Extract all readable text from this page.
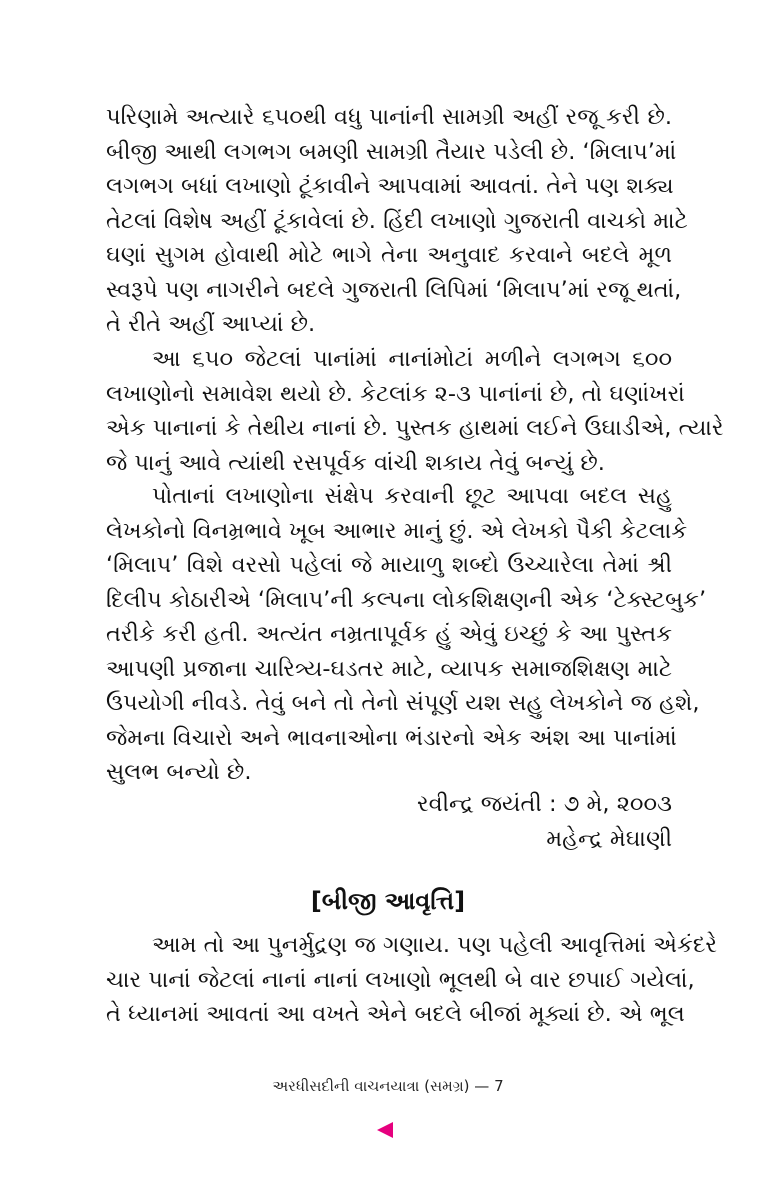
પરિણામે અત્યારે ૬૫૦થી વધુ પાનાંની સામગ્રી અહીં રજૂ કરી છે.
બીજી આથી લગભગ બમણી સામગ્રી તૈયાર પડેલી છે. ‘મિલાપ’માં
લગભગ બધાં લખાણો ટૂંકાવીને આપવામાં આવતાં. તેને પણ શક્ય
તેટલાં વિશેષ અહીં ટૂંકાવેલાં છે. હિંદી લખાણો ગુજરાતી વાચકો માટે
ઘણાં સુગમ હોવાથી મોટે ભાગે તેના અનુવાદ કરવાને બદલે મૂળ
સ્વરૂપે પણ નાગરીને બદલે ગુજરાતી લિપિમાં ‘મિલાપ’માં રજૂ થતાં,
તે રીતે અહીં આપ્યાં છે.
આ ૬૫૦ જેટલાં પાનાંમાં નાનાંમોટાં મળીને લગભગ ૬૦૦
લખાણોનો સમાવેશ થયો છે. કેટલાંક ૨-૩ પાનાંનાં છે, તો ઘણાંખરાં
એક પાનાનાં કે તેથીય નાનાં છે. પુસ્તક હાથમાં લઈને ઉઘાડીએ, ત્યારે
જે પાનું આવે ત્યાંથી રસપૂર્વક વાંચી શકાય તેવું બન્યું છે.
પોતાનાં લખાણોના સંક્ષેપ કરવાની છૂટ આપવા બદલ સહુ
લેખકોનો વિનમ્રભાવે ખૂબ આભાર માનું છું. એ લેખકો પૈકી કેટલાકે
‘મિલાપ’ વિશે વરસો પહેલાં જે માયાળુ શબ્દો ઉચ્ચારેલા તેમાં શ્રી
દિલીપ કોઠારીએ ‘મિલાપ’ની કલ્પના લોકશિક્ષણની એક ‘ટેક્સ્ટબુક’
તરીકે કરી હતી. અત્યંત નમ્રતાપૂર્વક હું એવું ઇચ્છું કે આ પુસ્તક
આપણી પ્રજાના ચારિત્ર્ય-ઘડતર માટે, વ્યાપક સમાજશિક્ષણ માટે
ઉપયોગી નીવડે. તેવું બને તો તેનો સંપૂર્ણ યશ સહુ લેખકોને જ હશે,
જેમના વિચારો અને ભાવનાઓના ભંડારનો એક અંશ આ પાનાંમાં
સુલભ બન્યો છે.
રવીન્દ્ર જયંતી : ૭ મે, ૨૦૦૩
મહેન્દ્ર મેઘાણી
[બીજી આવૃત્તિ]
આમ તો આ પુનર્મુદ્રણ જ ગણાય. પણ પહેલી આવૃત્તિમાં એકંદરે
ચાર પાનાં જેટલાં નાનાં નાનાં લખાણો ભૂલથી બે વાર છપાઈ ગયેલાં,
તે ધ્યાનમાં આવતાં આ વખતે એને બદલે બીજાં મૂક્યાં છે. એ ભૂલ
અરધીસદીની વાચનયાત્રા (સમગ્ર) — 7
